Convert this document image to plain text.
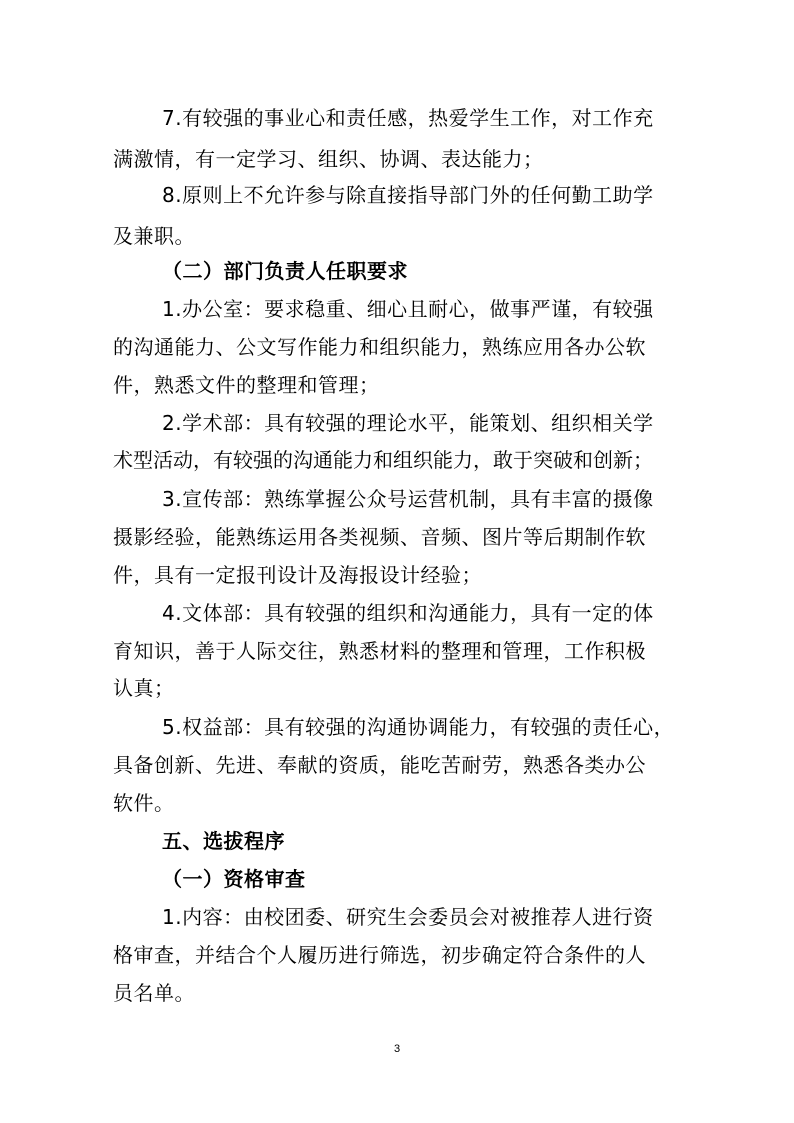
7.有较强的事业心和责任感，热爱学生工作，对工作充
满激情，有一定学习、组织、协调、表达能力；
8.原则上不允许参与除直接指导部门外的任何勤工助学
及兼职。
（二）部门负责人任职要求
1.办公室：要求稳重、细心且耐心，做事严谨，有较强
的沟通能力、公文写作能力和组织能力，熟练应用各办公软
件，熟悉文件的整理和管理；
2.学术部：具有较强的理论水平，能策划、组织相关学
术型活动，有较强的沟通能力和组织能力，敢于突破和创新；
3.宣传部：熟练掌握公众号运营机制，具有丰富的摄像
摄影经验，能熟练运用各类视频、音频、图片等后期制作软
件，具有一定报刊设计及海报设计经验；
4.文体部：具有较强的组织和沟通能力，具有一定的体
育知识，善于人际交往，熟悉材料的整理和管理，工作积极
认真；
5.权益部：具有较强的沟通协调能力，有较强的责任心，
具备创新、先进、奉献的资质，能吃苦耐劳，熟悉各类办公
软件。
五、选拔程序
（一）资格审查
1.内容：由校团委、研究生会委员会对被推荐人进行资
格审查，并结合个人履历进行筛选，初步确定符合条件的人
员名单。
3
